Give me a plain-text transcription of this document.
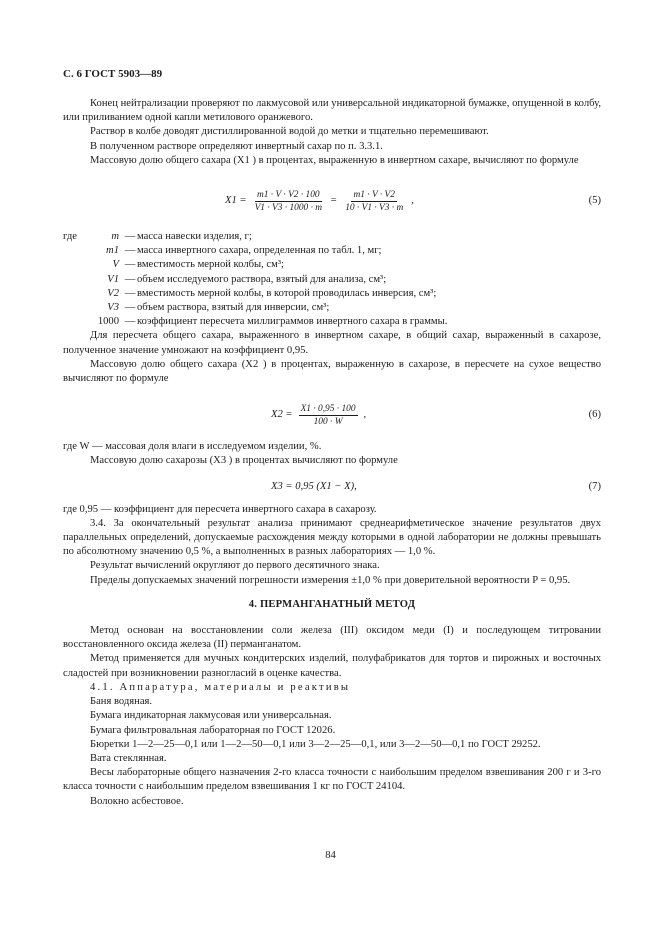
С. 6 ГОСТ 5903—89

Конец нейтрализации проверяют по лакмусовой или универсальной индикаторной бумажке, опущенной в колбу, или приливанием одной капли метилового оранжевого.

Раствор в колбе доводят дистиллированной водой до метки и тщательно перемешивают.

В полученном растворе определяют инвертный сахар по п. 3.3.1.

Массовую долю общего сахара (X1 ) в процентах, выраженную в инвертном сахаре, вычисляют по формуле

$X1 = \frac{m1 \cdot V \cdot V2 \cdot 100}{V1 \cdot V3 \cdot 1000 \cdot m} = \frac{m1 \cdot V \cdot V2}{10 \cdot V1 \cdot V3 \cdot m}$ ,	(5)
где	m — масса навески изделия, г;
m1 — масса инвертного сахара, определенная по табл. 1, мг;
V — вместимость мерной колбы, см³;
V1 — объем исследуемого раствора, взятый для анализа, см³;
V2 — вместимость мерной колбы, в которой проводилась инверсия, см³;
V3 — объем раствора, взятый для инверсии, см³;
1000 — коэффициент пересчета миллиграммов инвертного сахара в граммы.

Для пересчета общего сахара, выраженного в инвертном сахаре, в общий сахар, выраженный в сахарозе, полученное значение умножают на коэффициент 0,95.

Массовую долю общего сахара (X2 ) в процентах, выраженную в сахарозе, в пересчете на сухое вещество вычисляют по формуле

$X2 = \frac{X1 \cdot 0,95 \cdot 100}{100 \cdot W}$ ,	(6)

где W — массовая доля влаги в исследуемом изделии, %.

Массовую долю сахарозы (X3 ) в процентах вычисляют по формуле

X3 = 0,95 (X1 − X),	(7)

где 0,95 — коэффициент для пересчета инвертного сахара в сахарозу.

3.4. За окончательный результат анализа принимают среднеарифметическое значение результатов двух параллельных определений, допускаемые расхождения между которыми в одной лаборатории не должны превышать по абсолютному значению 0,5 %, а выполненных в разных лабораториях — 1,0 %.

Результат вычислений округляют до первого десятичного знака.

Пределы допускаемых значений погрешности измерения ±1,0 % при доверительной вероятности P = 0,95.

4. ПЕРМАНГАНАТНЫЙ МЕТОД

Метод основан на восстановлении соли железа (III) оксидом меди (I) и последующем титровании восстановленного оксида железа (II) перманганатом.

Метод применяется для мучных кондитерских изделий, полуфабрикатов для тортов и пирожных и восточных сладостей при возникновении разногласий в оценке качества.

4.1. Аппаратура, материалы и реактивы

Баня водяная.

Бумага индикаторная лакмусовая или универсальная.

Бумага фильтровальная лабораторная по ГОСТ 12026.

Бюретки 1—2—25—0,1 или 1—2—50—0,1 или 3—2—25—0,1, или 3—2—50—0,1 по ГОСТ 29252.

Вата стеклянная.

Весы лабораторные общего назначения 2-го класса точности с наибольшим пределом взвешивания 200 г и 3-го класса точности с наибольшим пределом взвешивания 1 кг по ГОСТ 24104.

Волокно асбестовое.

84
